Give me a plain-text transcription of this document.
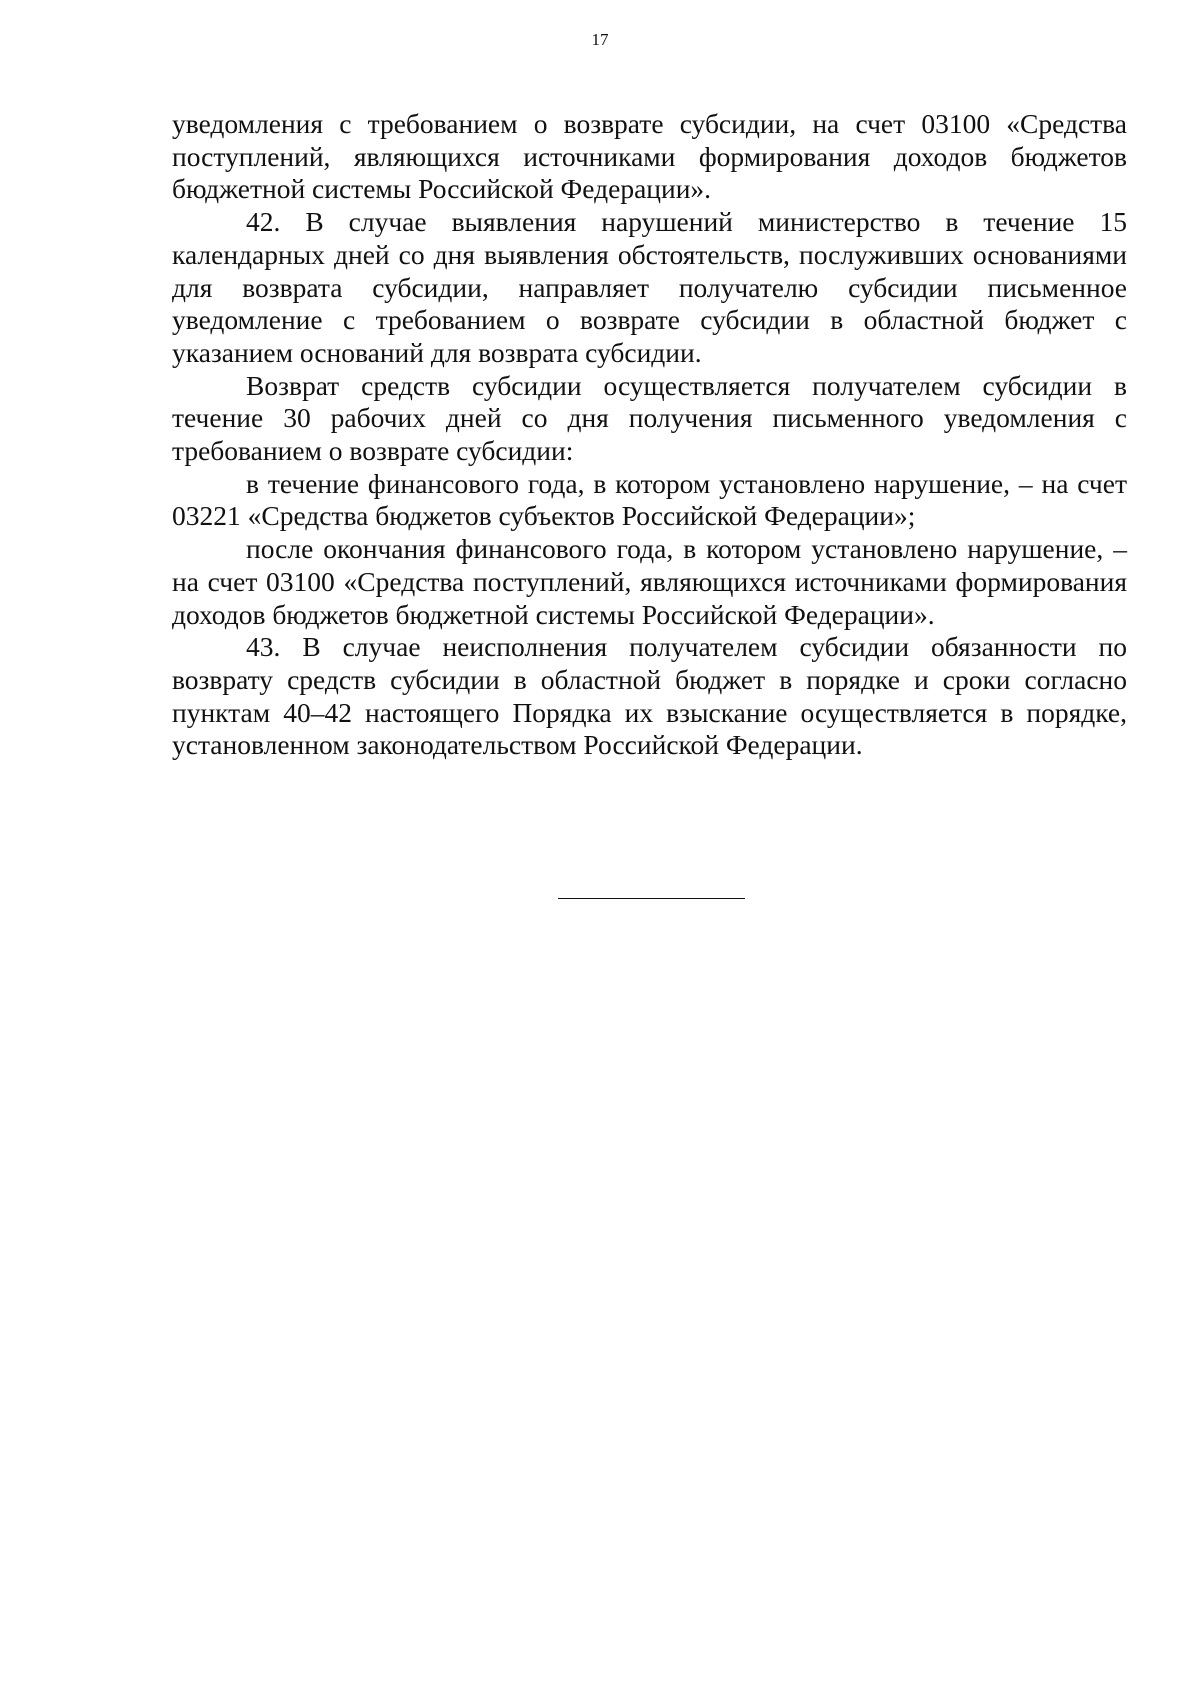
17

уведомления с требованием о возврате субсидии, на счет 03100 «Средства поступлений, являющихся источниками формирования доходов бюджетов бюджетной системы Российской Федерации».

42. В случае выявления нарушений министерство в течение 15 календарных дней со дня выявления обстоятельств, послуживших основаниями для возврата субсидии, направляет получателю субсидии письменное уведомление с требованием о возврате субсидии в областной бюджет с указанием оснований для возврата субсидии.

Возврат средств субсидии осуществляется получателем субсидии в течение 30 рабочих дней со дня получения письменного уведомления с требованием о возврате субсидии:

в течение финансового года, в котором установлено нарушение, – на счет 03221 «Средства бюджетов субъектов Российской Федерации»;

после окончания финансового года, в котором установлено нарушение, – на счет 03100 «Средства поступлений, являющихся источниками формирования доходов бюджетов бюджетной системы Российской Федерации».

43. В случае неисполнения получателем субсидии обязанности по возврату средств субсидии в областной бюджет в порядке и сроки согласно пунктам 40–42 настоящего Порядка их взыскание осуществляется в порядке, установленном законодательством Российской Федерации.
